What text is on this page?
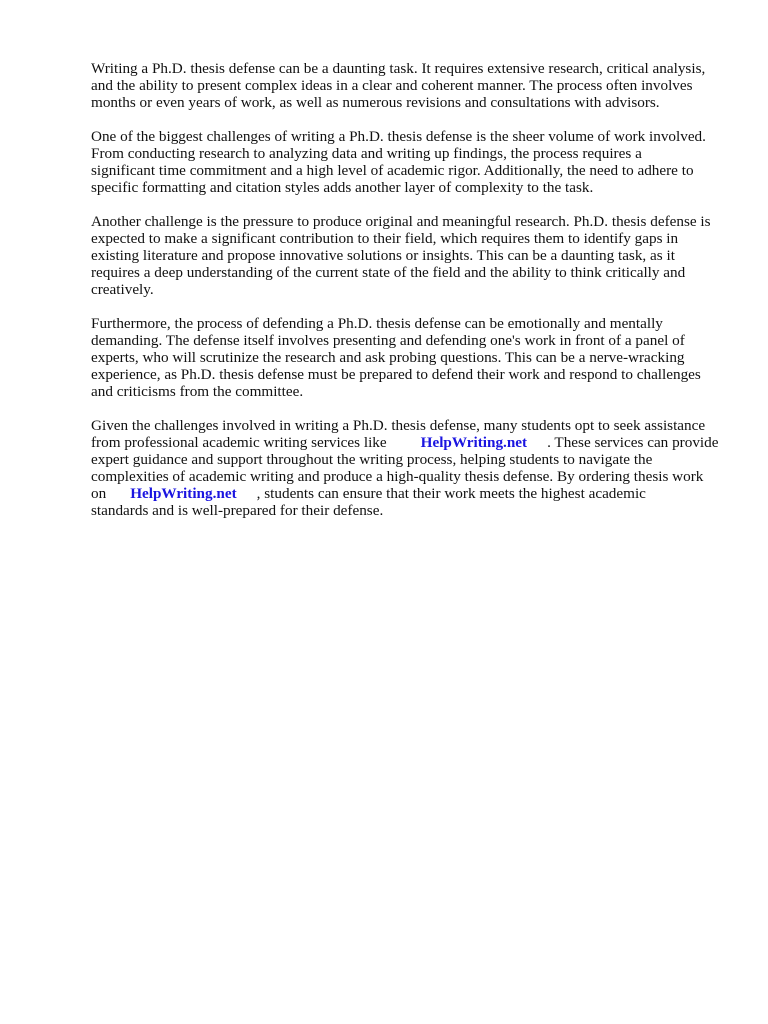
Writing a Ph.D. thesis defense can be a daunting task. It requires extensive research, critical analysis,
and the ability to present complex ideas in a clear and coherent manner. The process often involves
months or even years of work, as well as numerous revisions and consultations with advisors.

One of the biggest challenges of writing a Ph.D. thesis defense is the sheer volume of work involved.
From conducting research to analyzing data and writing up findings, the process requires a
significant time commitment and a high level of academic rigor. Additionally, the need to adhere to
specific formatting and citation styles adds another layer of complexity to the task.

Another challenge is the pressure to produce original and meaningful research. Ph.D. thesis defense is
expected to make a significant contribution to their field, which requires them to identify gaps in
existing literature and propose innovative solutions or insights. This can be a daunting task, as it
requires a deep understanding of the current state of the field and the ability to think critically and
creatively.

Furthermore, the process of defending a Ph.D. thesis defense can be emotionally and mentally
demanding. The defense itself involves presenting and defending one's work in front of a panel of
experts, who will scrutinize the research and ask probing questions. This can be a nerve-wracking
experience, as Ph.D. thesis defense must be prepared to defend their work and respond to challenges
and criticisms from the committee.

Given the challenges involved in writing a Ph.D. thesis defense, many students opt to seek assistance
from professional academic writing services like HelpWriting.net . These services can provide
expert guidance and support throughout the writing process, helping students to navigate the
complexities of academic writing and produce a high-quality thesis defense. By ordering thesis work
on HelpWriting.net , students can ensure that their work meets the highest academic
standards and is well-prepared for their defense.
